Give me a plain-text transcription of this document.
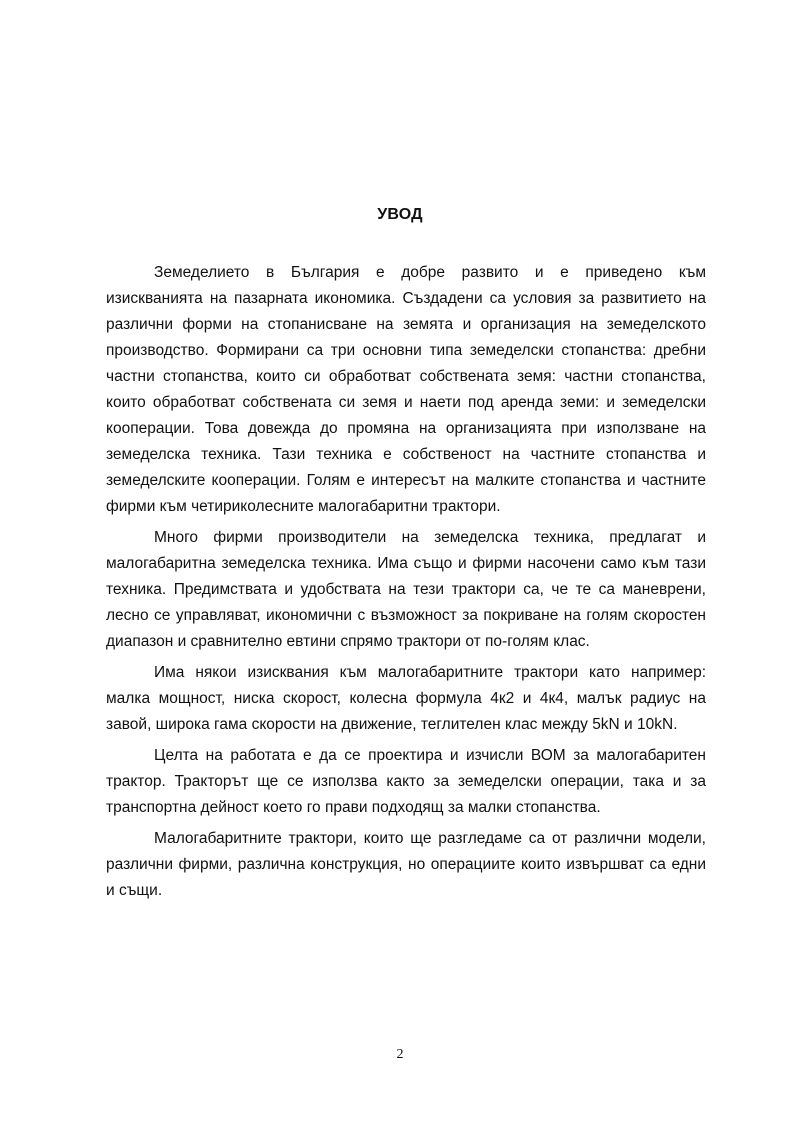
УВОД
Земеделието в България е добре развито и е приведено към
изискванията на пазарната икономика. Създадени са условия за развитието на
различни форми на стопанисване на земята и организация на земеделското
производство. Формирани са три основни типа земеделски стопанства: дребни
частни стопанства, които си обработват собствената земя: частни стопанства,
които обработват собствената си земя и наети под аренда земи: и земеделски
кооперации. Това довежда до промяна на организацията при използване на
земеделска техника. Тази техника е собственост на частните стопанства и
земеделските кооперации. Голям е интересът на малките стопанства и частните
фирми към четириколесните малогабаритни трактори.
Много фирми производители на земеделска техника, предлагат и
малогабаритна земеделска техника. Има също и фирми насочени само към тази
техника. Предимствата и удобствата на тези трактори са, че те са маневрени,
лесно се управляват, икономични с възможност за покриване на голям скоростен
диапазон и сравнително евтини спрямо трактори от по-голям клас.
Има някои изисквания към малогабаритните трактори като например:
малка мощност, ниска скорост, колесна формула 4к2 и 4к4, малък радиус на
завой, широка гама скорости на движение, теглителен клас между 5kN и 10kN.
Целта на работата е да се проектира и изчисли ВОМ за малогабаритен
трактор. Тракторът ще се използва както за земеделски операции, така и за
транспортна дейност което го прави подходящ за малки стопанства.
Малогабаритните трактори, които ще разгледаме са от различни модели,
различни фирми, различна конструкция, но операциите които извършват са едни
и същи.
2
